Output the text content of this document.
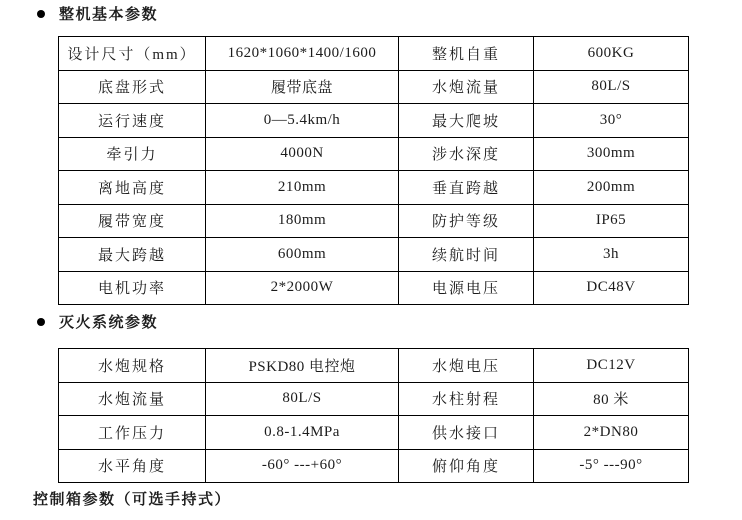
整机基本参数
设计尺寸（mm）	1620*1060*1400/1600	整机自重	600KG
底盘形式	履带底盘	水炮流量	80L/S
运行速度	0—5.4km/h	最大爬坡	30°
牵引力	4000N	涉水深度	300mm
离地高度	210mm	垂直跨越	200mm
履带宽度	180mm	防护等级	IP65
最大跨越	600mm	续航时间	3h
电机功率	2*2000W	电源电压	DC48V
灭火系统参数
水炮规格	PSKD80 电控炮	水炮电压	DC12V
水炮流量	80L/S	水柱射程	80 米
工作压力	0.8-1.4MPa	供水接口	2*DN80
水平角度	-60° ---+60°	俯仰角度	-5° ---90°
控制箱参数（可选手持式）
